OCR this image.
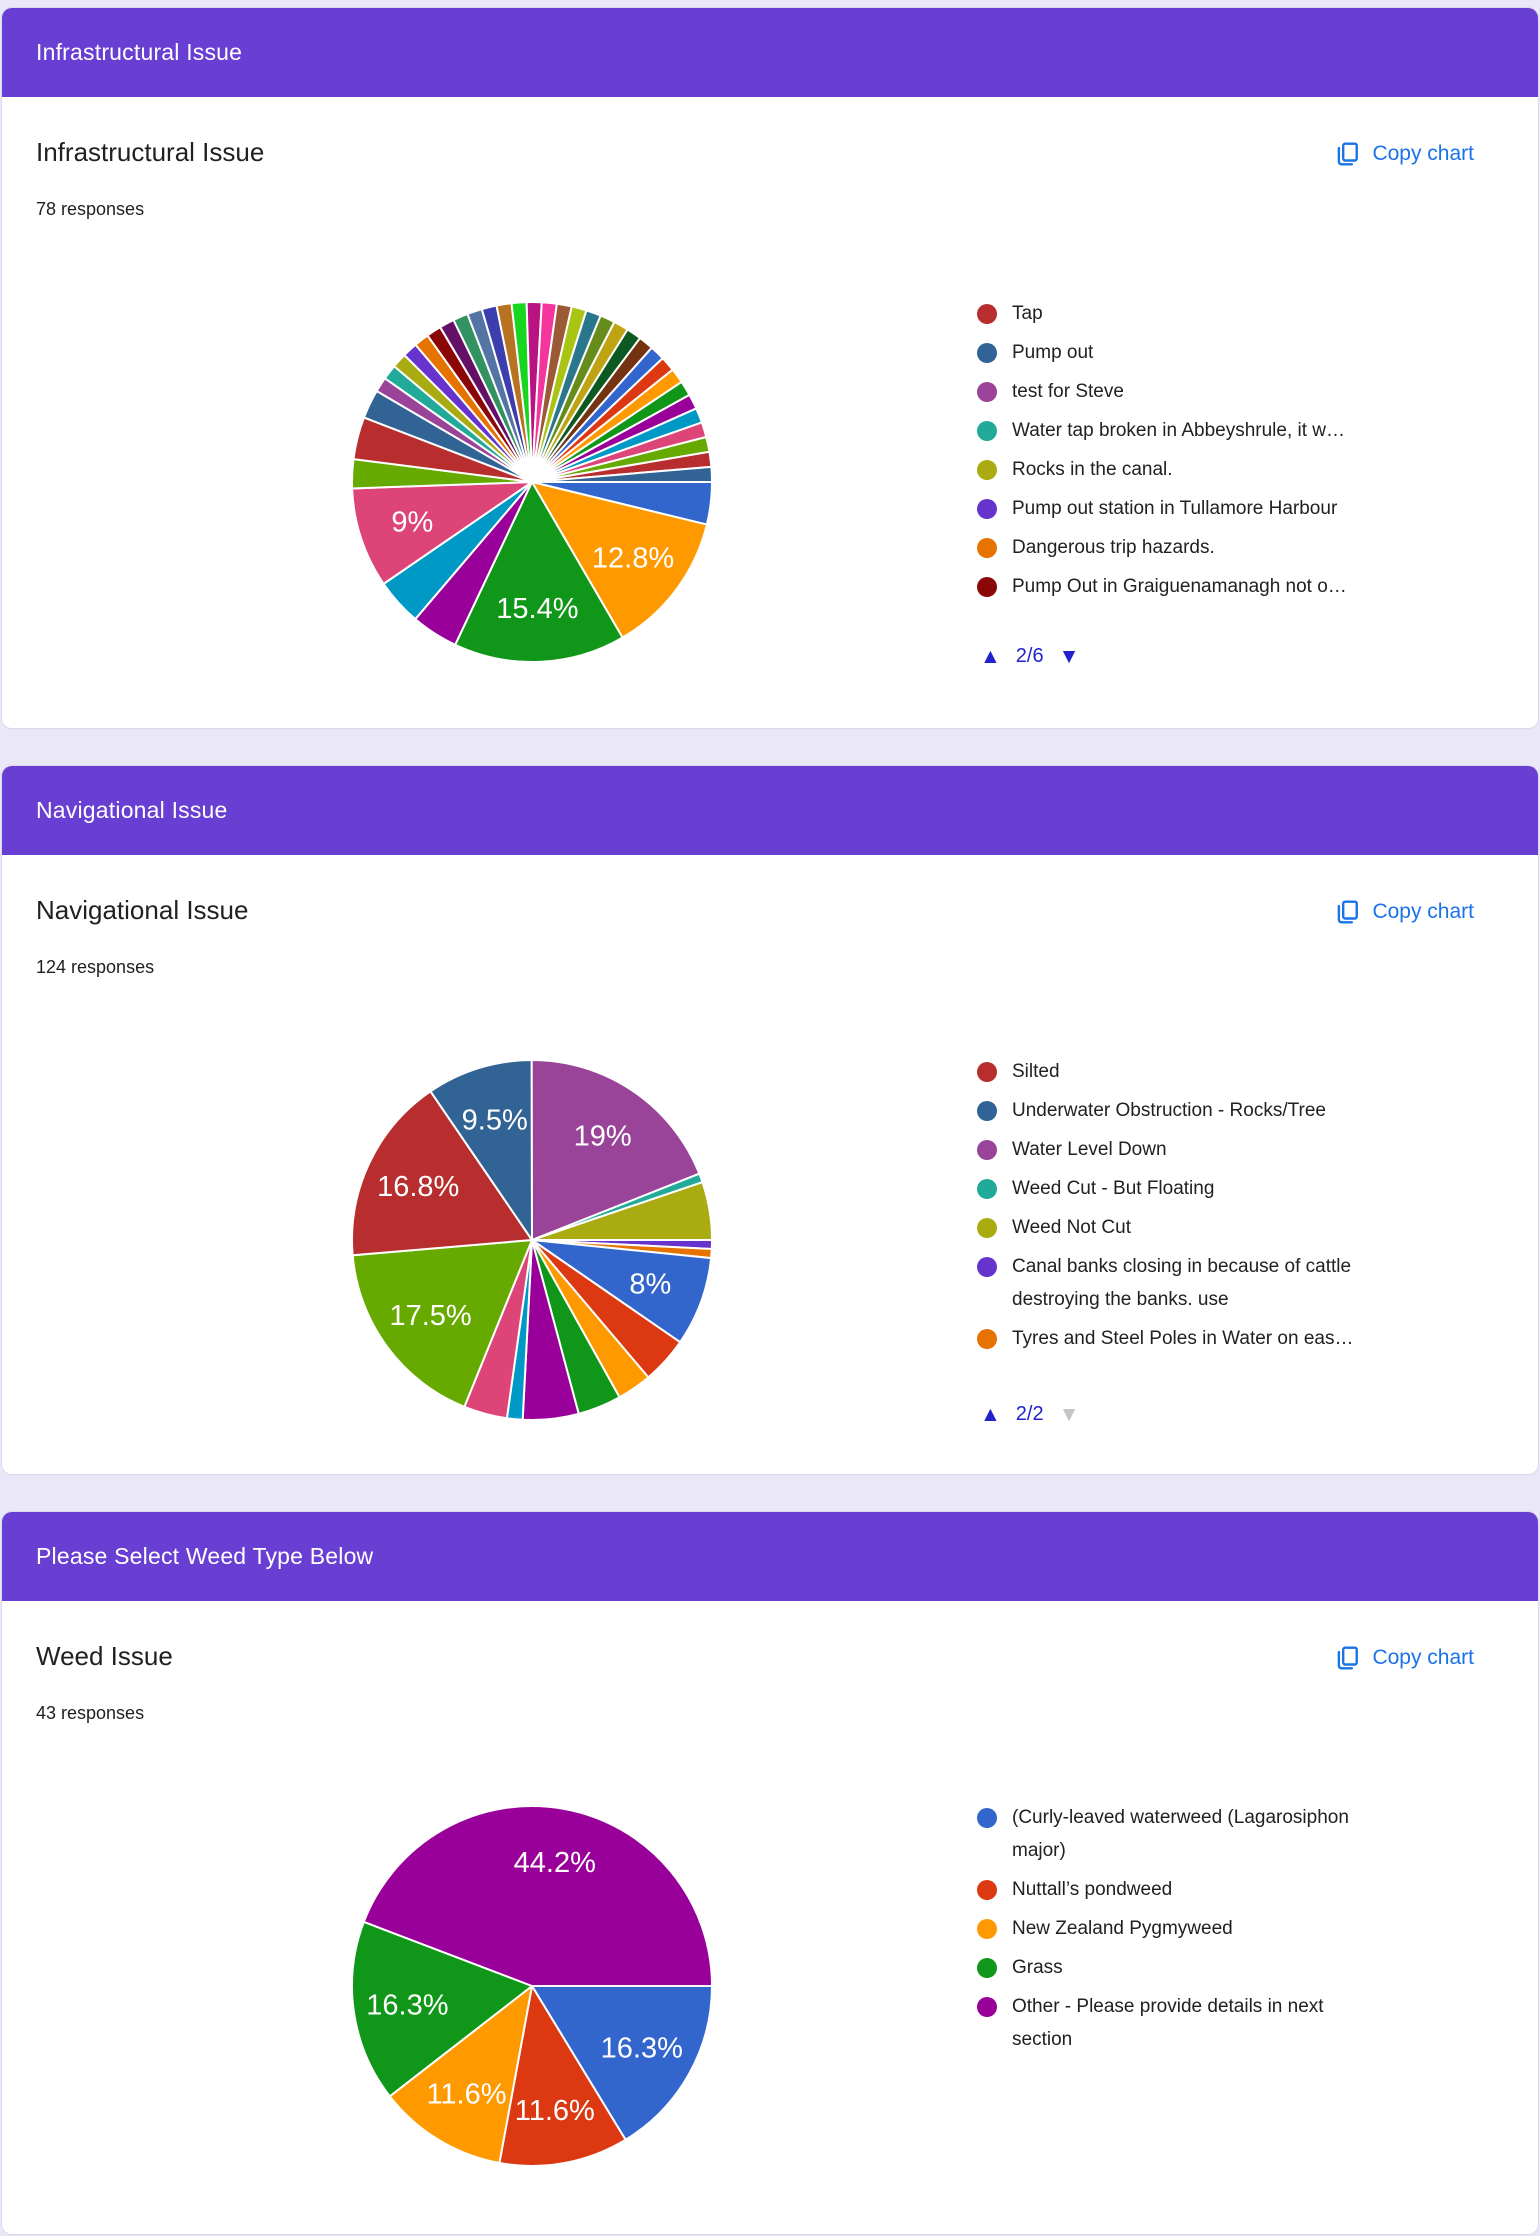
Infrastructural Issue
Infrastructural Issue
78 responses
Copy chart
12.8%
15.4%
9%
Tap
Pump out
test for Steve
Water tap broken in Abbeyshrule, it w…
Rocks in the canal.
Pump out station in Tullamore Harbour
Dangerous trip hazards.
Pump Out in Graiguenamanagh not o…
▲ 2/6 ▼
Navigational Issue
Navigational Issue
124 responses
Copy chart
8%
17.5%
16.8%
9.5%
19%
Silted
Underwater Obstruction - Rocks/Tree
Water Level Down
Weed Cut - But Floating
Weed Not Cut
Canal banks closing in because of cattle destroying the banks. use
Tyres and Steel Poles in Water on eas…
▲ 2/2 ▼
Please Select Weed Type Below
Weed Issue
43 responses
Copy chart
16.3%
11.6%
11.6%
16.3%
44.2%
(Curly-leaved waterweed (Lagarosiphon major)
Nuttall’s pondweed
New Zealand Pygmyweed
Grass
Other - Please provide details in next section
